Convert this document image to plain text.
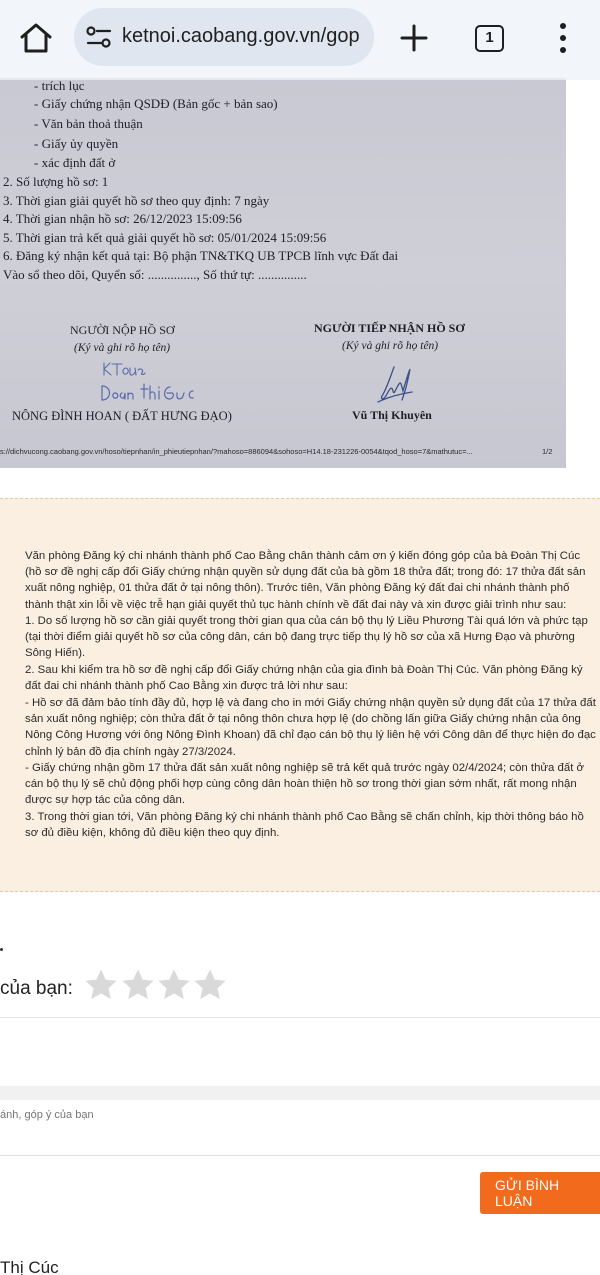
ketnoi.caobang.gov.vn/gop	1
- trích lục
- Giấy chứng nhận QSDĐ (Bản gốc + bản sao)
- Văn bản thoả thuận
- Giấy ủy quyền
- xác định đất ở
2. Số lượng hồ sơ: 1
3. Thời gian giải quyết hồ sơ theo quy định: 7 ngày
4. Thời gian nhận hồ sơ: 26/12/2023 15:09:56
5. Thời gian trả kết quả giải quyết hồ sơ: 05/01/2024 15:09:56
6. Đăng ký nhận kết quả tại: Bộ phận TN&TKQ UB TPCB lĩnh vực Đất đai
Vào sổ theo dõi, Quyển số: ..............., Số thứ tự: ...............
NGƯỜI NỘP HỒ SƠ
(Ký và ghi rõ họ tên)
NGƯỜI TIẾP NHẬN HỒ SƠ
(Ký và ghi rõ họ tên)
NÔNG ĐÌNH HOAN ( ĐẤT HƯNG ĐẠO)	Vũ Thị Khuyên
s://dichvucong.caobang.gov.vn/hoso/tiepnhan/in_phieutiepnhan/?mahoso=886094&sohoso=H14.18-231226-0054&tqod_hoso=7&mathutuc=...	1/2
Văn phòng Đăng ký chi nhánh thành phố Cao Bằng chân thành cảm ơn ý kiến đóng góp của bà Đoàn Thị Cúc (hồ sơ đề nghị cấp đổi Giấy chứng nhận quyền sử dụng đất của bà gồm 18 thửa đất; trong đó: 17 thửa đất sản xuất nông nghiệp, 01 thửa đất ở tại nông thôn). Trước tiên, Văn phòng Đăng ký đất đai chi nhánh thành phố thành thật xin lỗi về việc trễ hạn giải quyết thủ tục hành chính về đất đai này và xin được giải trình như sau:
1. Do số lượng hồ sơ cần giải quyết trong thời gian qua của cán bộ thụ lý Liều Phương Tài quá lớn và phức tạp (tại thời điểm giải quyết hồ sơ của công dân, cán bộ đang trực tiếp thụ lý hồ sơ của xã Hưng Đạo và phường Sông Hiến).
2. Sau khi kiểm tra hồ sơ đề nghị cấp đổi Giấy chứng nhận của gia đình bà Đoàn Thị Cúc. Văn phòng Đăng ký đất đai chi nhánh thành phố Cao Bằng xin được trả lời như sau:
- Hồ sơ đã đảm bảo tính đầy đủ, hợp lệ và đang cho in mới Giấy chứng nhận quyền sử dụng đất của 17 thửa đất sản xuất nông nghiệp; còn thửa đất ở tại nông thôn chưa hợp lệ (do chồng lấn giữa Giấy chứng nhận của ông Nông Công Hương với ông Nông Đình Khoan) đã chỉ đạo cán bộ thụ lý liên hệ với Công dân để thực hiện đo đạc chỉnh lý bản đồ địa chính ngày 27/3/2024.
- Giấy chứng nhận gồm 17 thửa đất sản xuất nông nghiệp sẽ trả kết quả trước ngày 02/4/2024; còn thửa đất ở cán bộ thụ lý sẽ chủ động phối hợp cùng công dân hoàn thiện hồ sơ trong thời gian sớm nhất, rất mong nhận được sự hợp tác của công dân.
3. Trong thời gian tới, Văn phòng Đăng ký chi nhánh thành phố Cao Bằng sẽ chấn chỉnh, kịp thời thông báo hồ sơ đủ điều kiện, không đủ điều kiện theo quy định.
của bạn:
ánh, góp ý của bạn
GỬI BÌNH LUẬN
Thị Cúc
